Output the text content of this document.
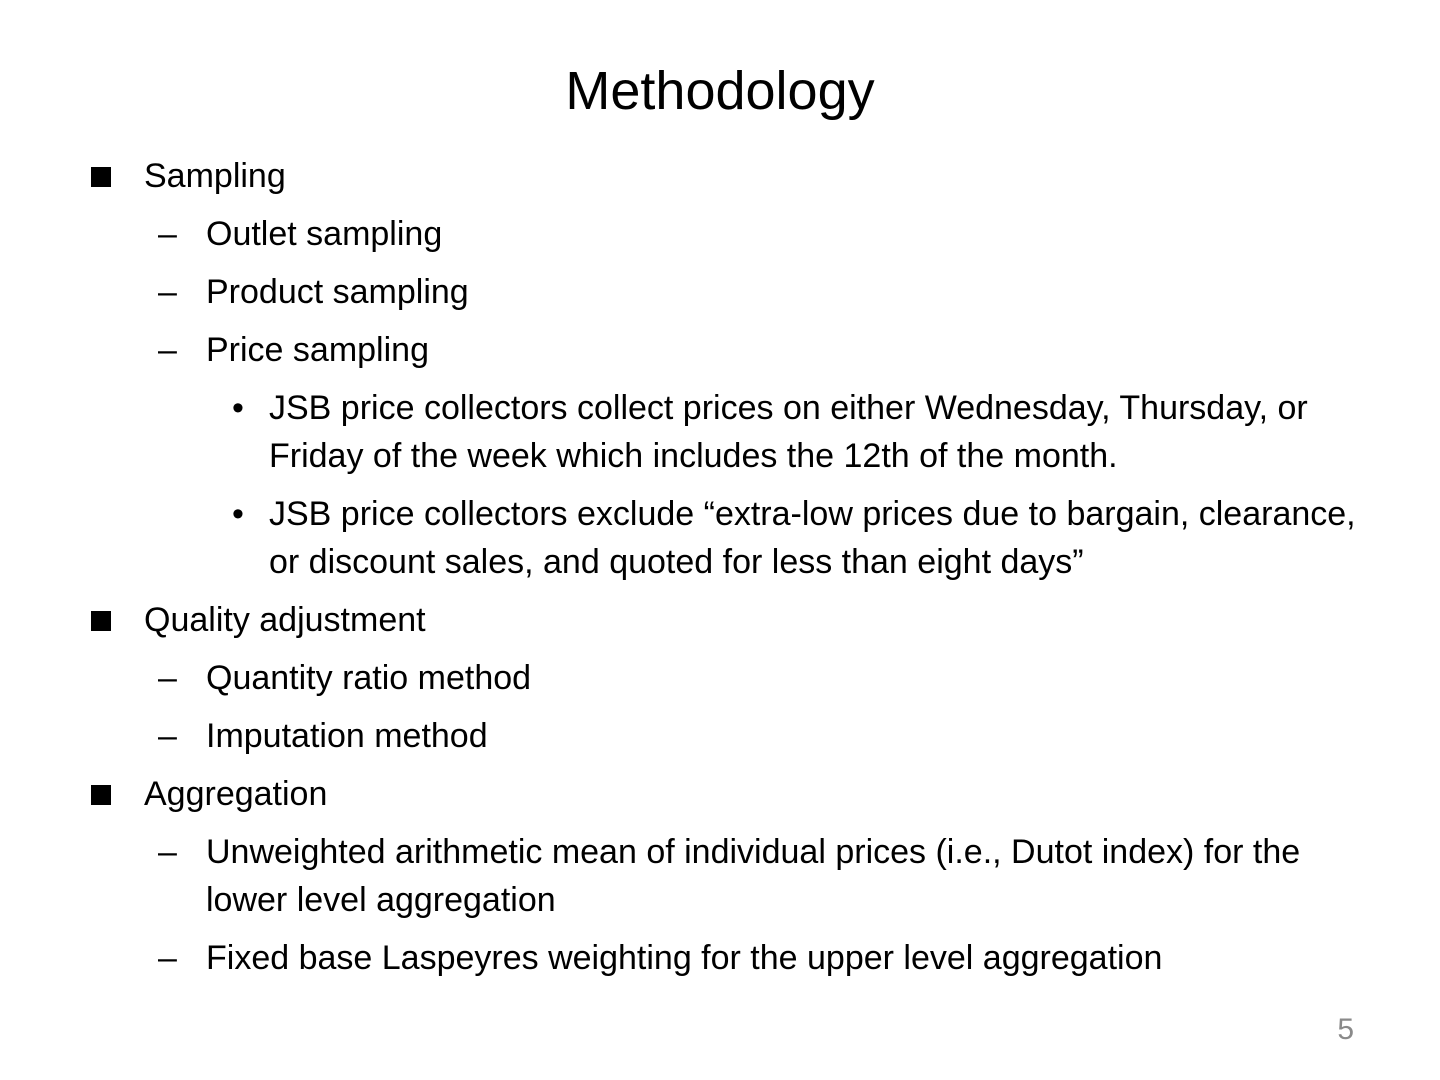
Methodology
Sampling
– Outlet sampling
– Product sampling
– Price sampling
• JSB price collectors collect prices on either Wednesday, Thursday, or Friday of the week which includes the 12th of the month.
• JSB price collectors exclude “extra-low prices due to bargain, clearance, or discount sales, and quoted for less than eight days”
Quality adjustment
– Quantity ratio method
– Imputation method
Aggregation
– Unweighted arithmetic mean of individual prices (i.e., Dutot index) for the lower level aggregation
– Fixed base Laspeyres weighting for the upper level aggregation
5
